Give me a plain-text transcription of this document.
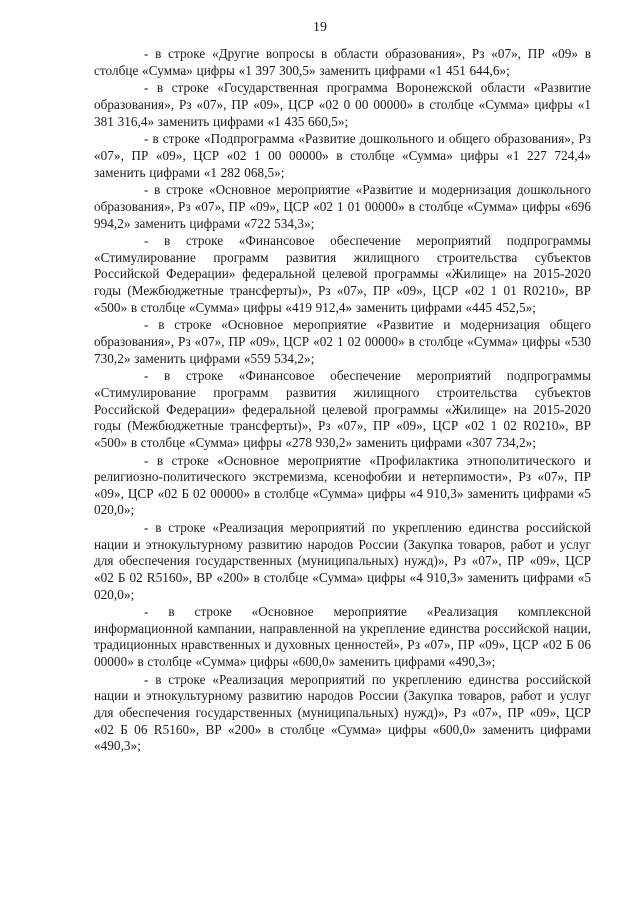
19

- в строке «Другие вопросы в области образования», Рз «07», ПР «09» в столбце «Сумма» цифры «1 397 300,5» заменить цифрами «1 451 644,6»;

- в строке «Государственная программа Воронежской области «Развитие образования», Рз «07», ПР «09», ЦСР «02 0 00 00000» в столбце «Сумма» цифры «1 381 316,4» заменить цифрами «1 435 660,5»;

- в строке «Подпрограмма «Развитие дошкольного и общего образования», Рз «07», ПР «09», ЦСР «02 1 00 00000» в столбце «Сумма» цифры «1 227 724,4» заменить цифрами «1 282 068,5»;

- в строке «Основное мероприятие «Развитие и модернизация дошкольного образования», Рз «07», ПР «09», ЦСР «02 1 01 00000» в столбце «Сумма» цифры «696 994,2» заменить цифрами «722 534,3»;

- в строке «Финансовое обеспечение мероприятий подпрограммы «Стимулирование программ развития жилищного строительства субъектов Российской Федерации» федеральной целевой программы «Жилище» на 2015-2020 годы (Межбюджетные трансферты)», Рз «07», ПР «09», ЦСР «02 1 01 R0210», ВР «500» в столбце «Сумма» цифры «419 912,4» заменить цифрами «445 452,5»;

- в строке «Основное мероприятие «Развитие и модернизация общего образования», Рз «07», ПР «09», ЦСР «02 1 02 00000» в столбце «Сумма» цифры «530 730,2» заменить цифрами «559 534,2»;

- в строке «Финансовое обеспечение мероприятий подпрограммы «Стимулирование программ развития жилищного строительства субъектов Российской Федерации» федеральной целевой программы «Жилище» на 2015-2020 годы (Межбюджетные трансферты)», Рз «07», ПР «09», ЦСР «02 1 02 R0210», ВР «500» в столбце «Сумма» цифры «278 930,2» заменить цифрами «307 734,2»;

- в строке «Основное мероприятие «Профилактика этнополитического и религиозно-политического экстремизма, ксенофобии и нетерпимости», Рз «07», ПР «09», ЦСР «02 Б 02 00000» в столбце «Сумма» цифры «4 910,3» заменить цифрами «5 020,0»;

- в строке «Реализация мероприятий по укреплению единства российской нации и этнокультурному развитию народов России (Закупка товаров, работ и услуг для обеспечения государственных (муниципальных) нужд)», Рз «07», ПР «09», ЦСР «02 Б 02 R5160», ВР «200» в столбце «Сумма» цифры «4 910,3» заменить цифрами «5 020,0»;

- в строке «Основное мероприятие «Реализация комплексной информационной кампании, направленной на укрепление единства российской нации, традиционных нравственных и духовных ценностей», Рз «07», ПР «09», ЦСР «02 Б 06 00000» в столбце «Сумма» цифры «600,0» заменить цифрами «490,3»;

- в строке «Реализация мероприятий по укреплению единства российской нации и этнокультурному развитию народов России (Закупка товаров, работ и услуг для обеспечения государственных (муниципальных) нужд)», Рз «07», ПР «09», ЦСР «02 Б 06 R5160», ВР «200» в столбце «Сумма» цифры «600,0» заменить цифрами «490,3»;
